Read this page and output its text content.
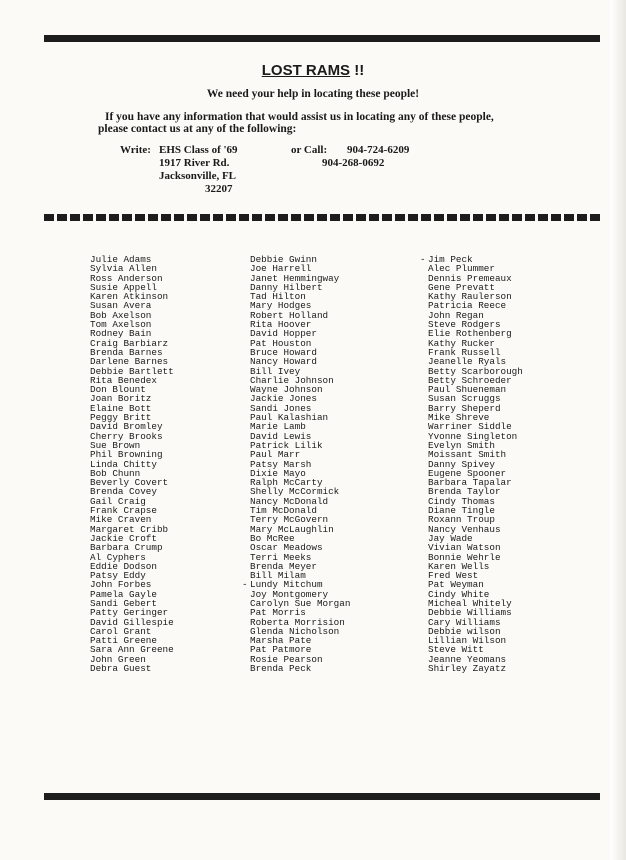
LOST RAMS !!
We need your help in locating these people!
If you have any information that would assist us in locating any of these people,
please contact us at any of the following:
Write: EHS Class of '69
1917 River Rd.
Jacksonville, FL
32207
or Call: 904-724-6209
904-268-0692
Julie Adams
Sylvia Allen
Ross Anderson
Susie Appell
Karen Atkinson
Susan Avera
Bob Axelson
Tom Axelson
Rodney Bain
Craig Barbiarz
Brenda Barnes
Darlene Barnes
Debbie Bartlett
Rita Benedex
Don Blount
Joan Boritz
Elaine Bott
Peggy Britt
David Bromley
Cherry Brooks
Sue Brown
Phil Browning
Linda Chitty
Bob Chunn
Beverly Covert
Brenda Covey
Gail Craig
Frank Crapse
Mike Craven
Margaret Cribb
Jackie Croft
Barbara Crump
Al Cyphers
Eddie Dodson
Patsy Eddy
John Forbes
Pamela Gayle
Sandi Gebert
Patty Geringer
David Gillespie
Carol Grant
Patti Greene
Sara Ann Greene
John Green
Debra Guest
Debbie Gwinn
Joe Harrell
Janet Hemmingway
Danny Hilbert
Tad Hilton
Mary Hodges
Robert Holland
Rita Hoover
David Hopper
Pat Houston
Bruce Howard
Nancy Howard
Bill Ivey
Charlie Johnson
Wayne Johnson
Jackie Jones
Sandi Jones
Paul Kalashian
Marie Lamb
David Lewis
Patrick Lilik
Paul Marr
Patsy Marsh
Dixie Mayo
Ralph McCarty
Shelly McCormick
Nancy McDonald
Tim McDonald
Terry McGovern
Mary McLaughlin
Bo McRee
Oscar Meadows
Terri Meeks
Brenda Meyer
Bill Milam
- Lundy Mitchum
Joy Montgomery
Carolyn Sue Morgan
Pat Morris
Roberta Morrision
Glenda Nicholson
Marsha Pate
Pat Patmore
Rosie Pearson
Brenda Peck
- Jim Peck
Alec Plummer
Dennis Premeaux
Gene Prevatt
Kathy Raulerson
Patricia Reece
John Regan
Steve Rodgers
Elie Rothenberg
Kathy Rucker
Frank Russell
Jeanelle Ryals
Betty Scarborough
Betty Schroeder
Paul Shueneman
Susan Scruggs
Barry Sheperd
Mike Shreve
Warriner Siddle
Yvonne Singleton
Evelyn Smith
Moissant Smith
Danny Spivey
Eugene Spooner
Barbara Tapalar
Brenda Taylor
Cindy Thomas
Diane Tingle
Roxann Troup
Nancy Venhaus
Jay Wade
Vivian Watson
Bonnie Wehrle
Karen Wells
Fred West
Pat Weyman
Cindy White
Micheal Whitely
Debbie Williams
Cary Williams
Debbie wilson
Lillian Wilson
Steve Witt
Jeanne Yeomans
Shirley Zayatz
